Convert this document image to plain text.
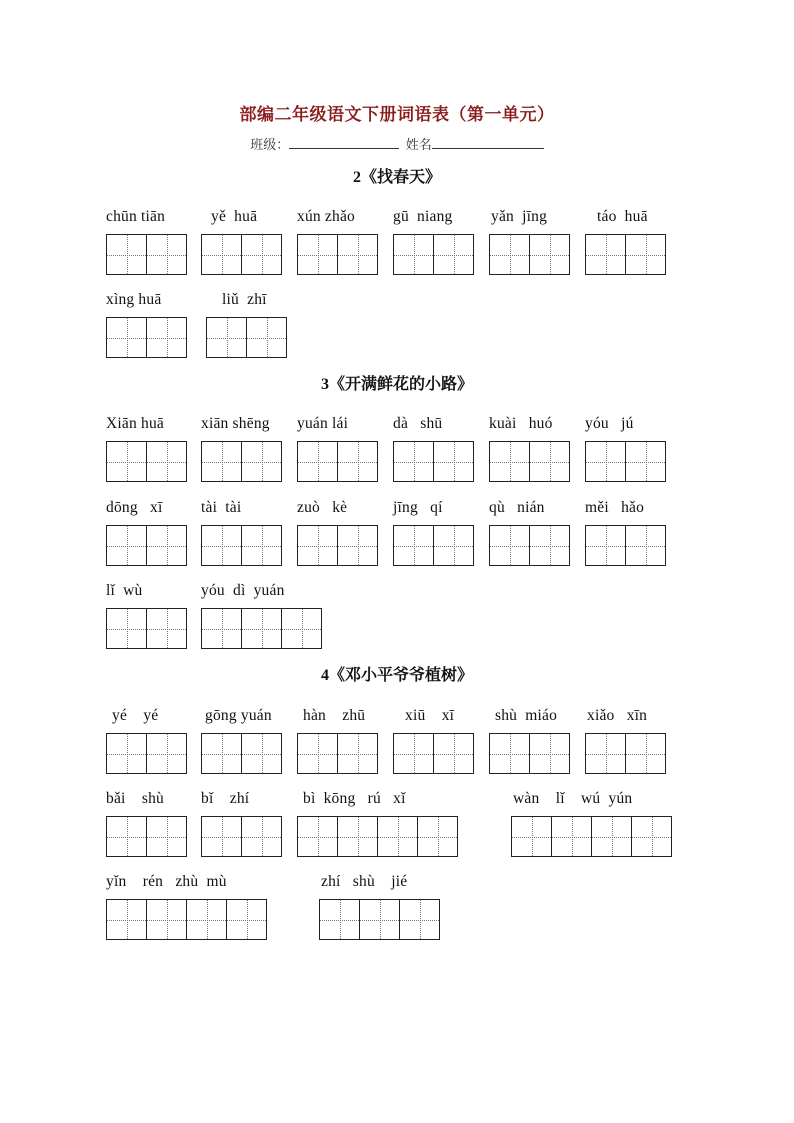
部编二年级语文下册词语表（第一单元）
班级：	姓名
2《找春天》
chūn tiān	yě  huā	xún zhǎo gū  niang yǎn  jīng	táo  huā
xìng huā	liǔ  zhī
3《开满鲜花的小路》
Xiān huā xiān shēng yuán lái	dà   shū	kuài   huó yóu   jú
dōng   xī tài  tài	zuò   kè	jīng   qí	qù   nián	měi   hǎo
lǐ  wù	yóu  dì  yuán
4《邓小平爷爷植树》
yé    yé	gōng yuán hàn    zhū	xiū    xī	shù  miáo xiǎo   xīn
bǎi    shù bǐ    zhí	bì  kōng   rú   xǐ	wàn    lǐ    wú  yún
yǐn    rén   zhù  mù	zhí   shù    jié
